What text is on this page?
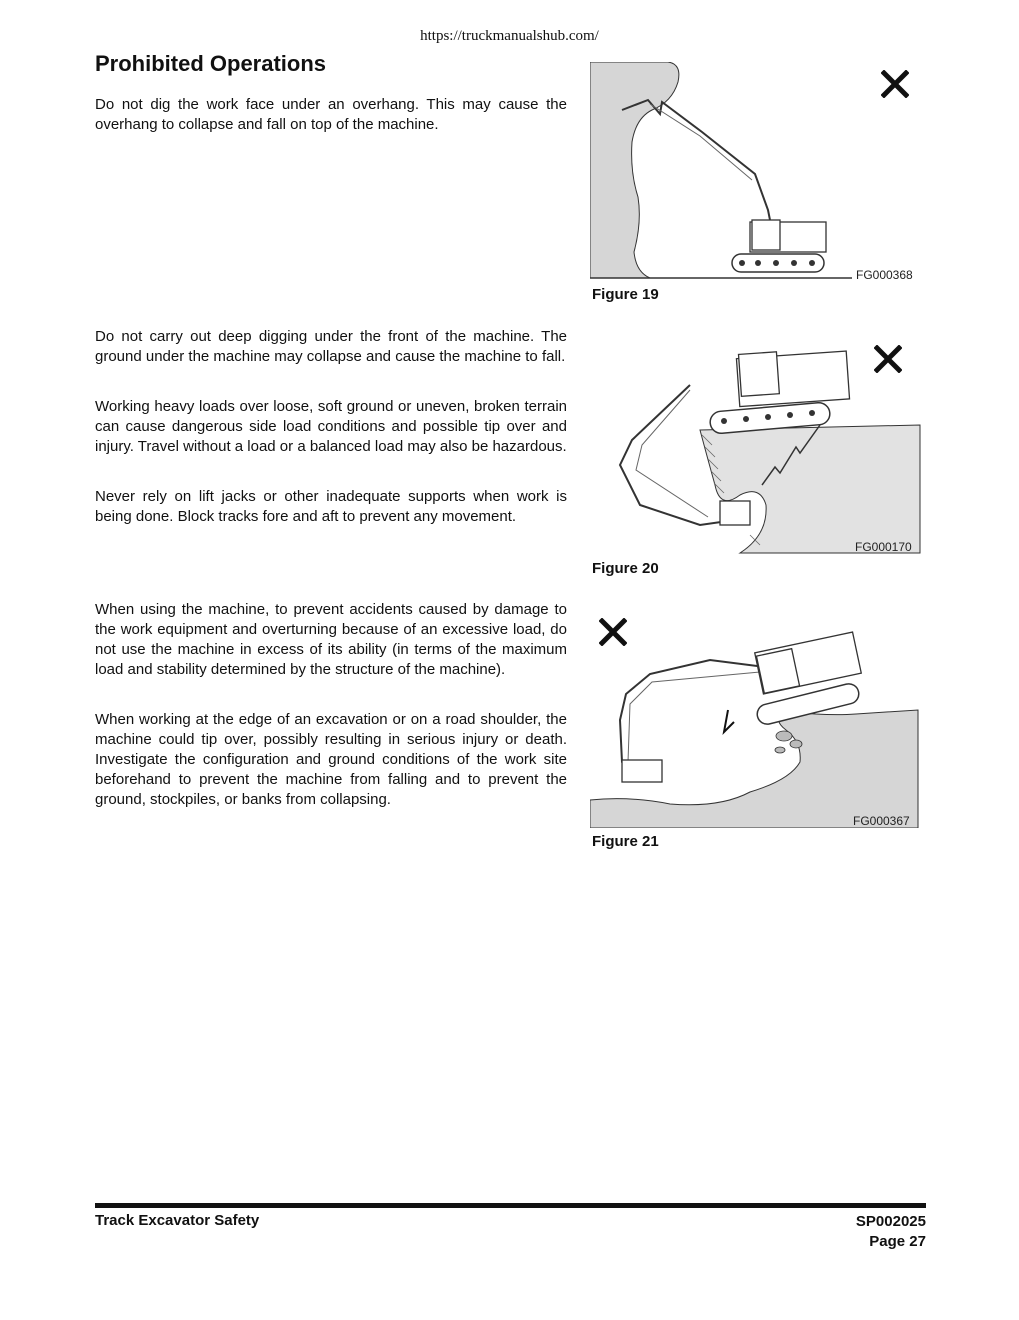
https://truckmanualshub.com/
Prohibited Operations

Do not dig the work face under an overhang. This may cause the overhang to collapse and fall on top of the machine.

Do not carry out deep digging under the front of the machine. The ground under the machine may collapse and cause the machine to fall.

Working heavy loads over loose, soft ground or uneven, broken terrain can cause dangerous side load conditions and possible tip over and injury. Travel without a load or a balanced load may also be hazardous.

Never rely on lift jacks or other inadequate supports when work is being done. Block tracks fore and aft to prevent any movement.

When using the machine, to prevent accidents caused by damage to the work equipment and overturning because of an excessive load, do not use the machine in excess of its ability (in terms of the maximum load and stability determined by the structure of the machine).

When working at the edge of an excavation or on a road shoulder, the machine could tip over, possibly resulting in serious injury or death. Investigate the configuration and ground conditions of the work site beforehand to prevent the machine from falling and to prevent the ground, stockpiles, or banks from collapsing.

FG000368
Figure 19
FG000170
Figure 20
FG000367
Figure 21
Track Excavator Safety	SP002025
Page 27
